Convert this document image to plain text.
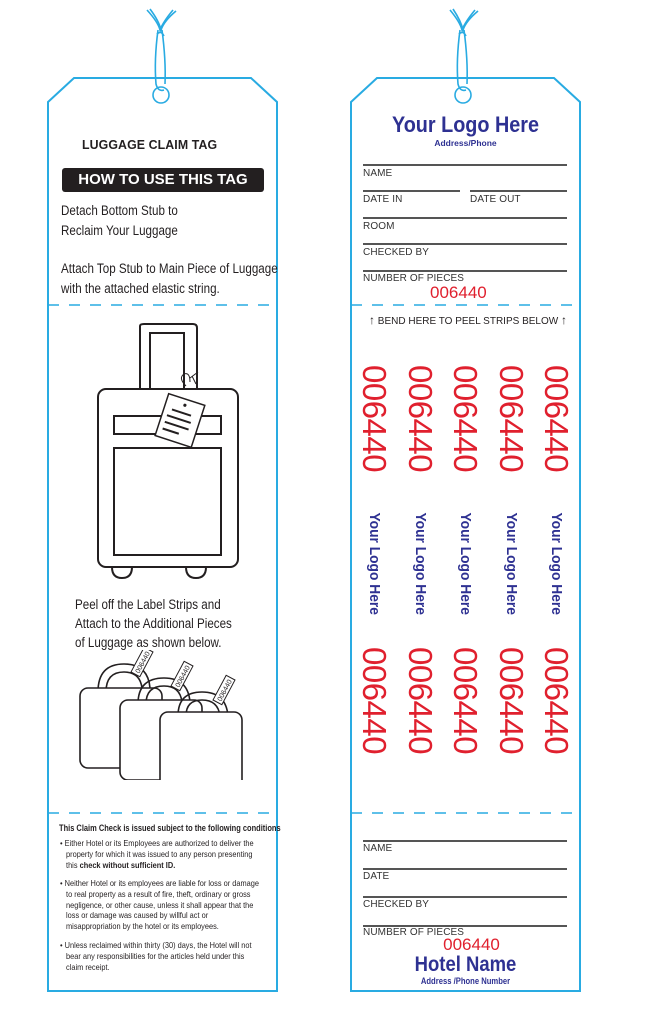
LUGGAGE CLAIM TAG
HOW TO USE THIS TAG
Detach Bottom Stub to
Reclaim Your Luggage
Attach Top Stub to Main Piece of Luggage
with the attached elastic string.
Peel off the Label Strips and
Attach to the Additional Pieces
of Luggage as shown below.
006440
006440
006440
This Claim Check is issued subject to the following conditions
• Either Hotel or its Employees are authorized to deliver the
property for which it was issued to any person presenting
this check without sufficient ID.
• Neither Hotel or its employees are liable for loss or damage
to real property as a result of fire, theft, ordinary or gross
negligence, or other cause, unless it shall appear that the
loss or damage was caused by willful act or
misappropriation by the hotel or its employees.
• Unless reclaimed within thirty (30) days, the Hotel will not
bear any responsibilities for the articles held under this
claim receipt.
Your Logo Here
Address/Phone
NAME
DATE IN	DATE OUT
ROOM
CHECKED BY
NUMBER OF PIECES
006440
↑ BEND HERE TO PEEL STRIPS BELOW ↑
006440 006440 006440 006440 006440
Your Logo Here Your Logo Here Your Logo Here Your Logo Here Your Logo Here
006440 006440 006440 006440 006440
NAME
DATE
CHECKED BY
NUMBER OF PIECES
006440
Hotel Name
Address /Phone Number
